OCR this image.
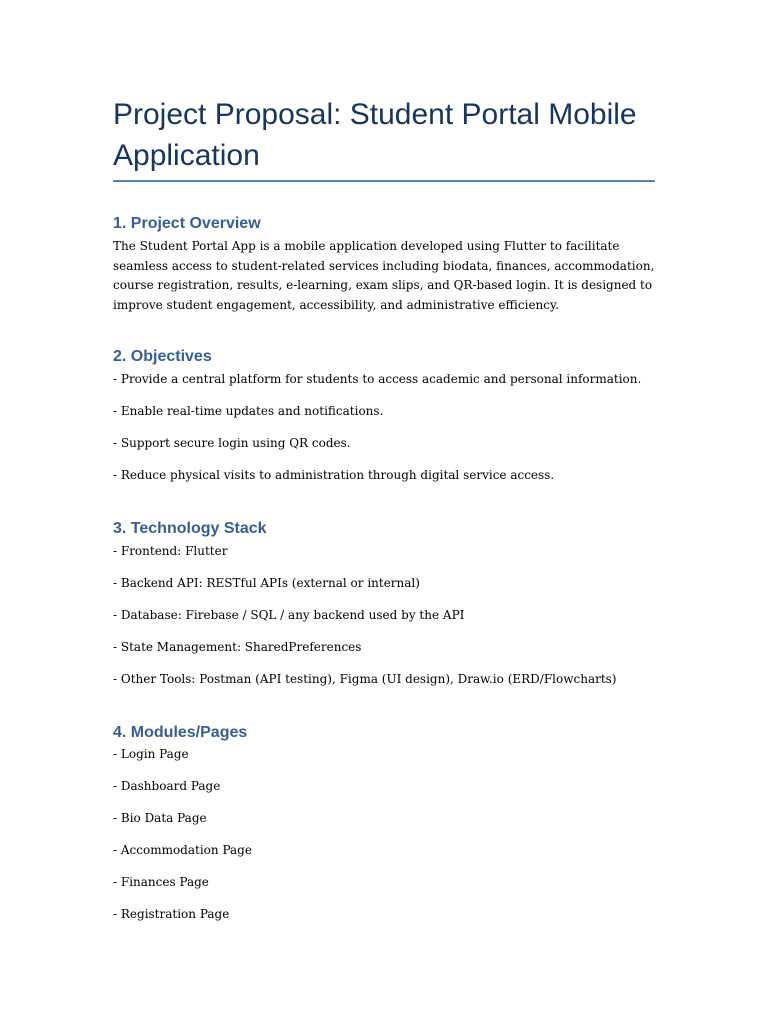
Project Proposal: Student Portal Mobile Application
1. Project Overview

The Student Portal App is a mobile application developed using Flutter to facilitate seamless access to student-related services including biodata, finances, accommodation, course registration, results, e-learning, exam slips, and QR-based login. It is designed to improve student engagement, accessibility, and administrative efficiency.

2. Objectives

- Provide a central platform for students to access academic and personal information.

- Enable real-time updates and notifications.

- Support secure login using QR codes.

- Reduce physical visits to administration through digital service access.

3. Technology Stack

- Frontend: Flutter

- Backend API: RESTful APIs (external or internal)

- Database: Firebase / SQL / any backend used by the API

- State Management: SharedPreferences

- Other Tools: Postman (API testing), Figma (UI design), Draw.io (ERD/Flowcharts)

4. Modules/Pages

- Login Page

- Dashboard Page

- Bio Data Page

- Accommodation Page

- Finances Page

- Registration Page
